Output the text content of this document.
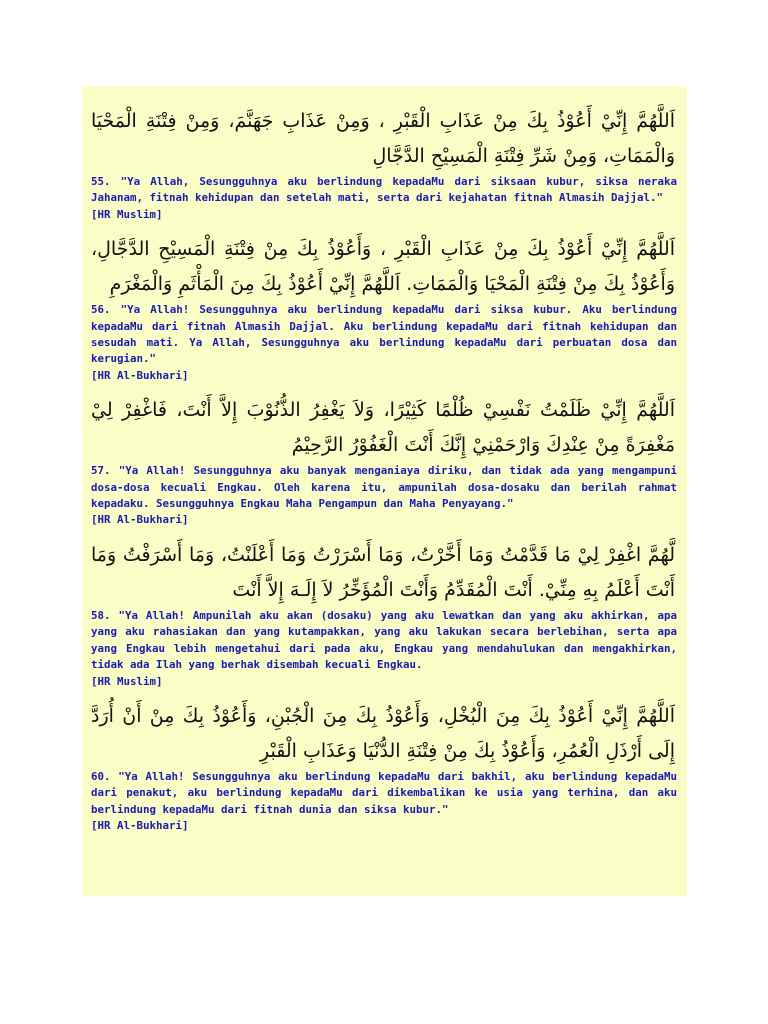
اَللَّهُمَّ إِنِّيْ أَعُوْذُ بِكَ مِنْ عَذَابِ الْقَبْرِ ، وَمِنْ عَذَابِ جَهَنَّمَ، وَمِنْ فِتْنَةِ الْمَحْيَا وَالْمَمَاتِ، وَمِنْ شَرِّ فِتْنَةِ الْمَسِيْحِ الدَّجَّالِ

55. "Ya Allah, Sesungguhnya aku berlindung kepadaMu dari siksaan kubur, siksa neraka Jahanam, fitnah kehidupan dan setelah mati, serta dari kejahatan fitnah Almasih Dajjal."

[HR Muslim]

اَللَّهُمَّ إِنِّيْ أَعُوْذُ بِكَ مِنْ عَذَابِ الْقَبْرِ ، وَأَعُوْذُ بِكَ مِنْ فِتْنَةِ الْمَسِيْحِ الدَّجَّالِ، وَأَعُوْذُ بِكَ مِنْ فِتْنَةِ الْمَحْيَا وَالْمَمَاتِ. اَللَّهُمَّ إِنِّيْ أَعُوْذُ بِكَ مِنَ الْمَأْثَمِ وَالْمَغْرَمِ

56. "Ya Allah! Sesungguhnya aku berlindung kepadaMu dari siksa kubur. Aku berlindung kepadaMu dari fitnah Almasih Dajjal. Aku berlindung kepadaMu dari fitnah kehidupan dan sesudah mati. Ya Allah, Sesungguhnya aku berlindung kepadaMu dari perbuatan dosa dan kerugian."

[HR Al-Bukhari]

اَللَّهُمَّ إِنِّيْ ظَلَمْتُ نَفْسِيْ ظُلْمًا كَثِيْرًا، وَلاَ يَغْفِرُ الذُّنُوْبَ إِلاَّ أَنْتَ، فَاغْفِرْ لِيْ مَغْفِرَةً مِنْ عِنْدِكَ وَارْحَمْنِيْ إِنَّكَ أَنْتَ الْغَفُوْرُ الرَّحِيْمُ

57. "Ya Allah! Sesungguhnya aku banyak menganiaya diriku, dan tidak ada yang mengampuni dosa-dosa kecuali Engkau. Oleh karena itu, ampunilah dosa-dosaku dan berilah rahmat kepadaku. Sesungguhnya Engkau Maha Pengampun dan Maha Penyayang."

[HR Al-Bukhari]

لَّهُمَّ اغْفِرْ لِيْ مَا قَدَّمْتُ وَمَا أَخَّرْتُ، وَمَا أَسْرَرْتُ وَمَا أَعْلَنْتُ، وَمَا أَسْرَفْتُ وَمَا أَنْتَ أَعْلَمُ بِهِ مِنِّيْ. أَنْتَ الْمُقَدِّمُ وَأَنْتَ الْمُؤَخِّرُ لاَ إِلَـهَ إِلاَّ أَنْتَ

58. "Ya Allah! Ampunilah aku akan (dosaku) yang aku lewatkan dan yang aku akhirkan, apa yang aku rahasiakan dan yang kutampakkan, yang aku lakukan secara berlebihan, serta apa yang Engkau lebih mengetahui dari pada aku, Engkau yang mendahulukan dan mengakhirkan, tidak ada Ilah yang berhak disembah kecuali Engkau.

[HR Muslim]

اَللَّهُمَّ إِنِّيْ أَعُوْذُ بِكَ مِنَ الْبُخْلِ، وَأَعُوْذُ بِكَ مِنَ الْجُبْنِ، وَأَعُوْذُ بِكَ مِنْ أَنْ أُرَدَّ إِلَى أَرْذَلِ الْعُمُرِ، وَأَعُوْذُ بِكَ مِنْ فِتْنَةِ الدُّنْيَا وَعَذَابِ الْقَبْرِ

60. "Ya Allah! Sesungguhnya aku berlindung kepadaMu dari bakhil, aku berlindung kepadaMu dari penakut, aku berlindung kepadaMu dari dikembalikan ke usia yang terhina, dan aku berlindung kepadaMu dari fitnah dunia dan siksa kubur."

[HR Al-Bukhari]
